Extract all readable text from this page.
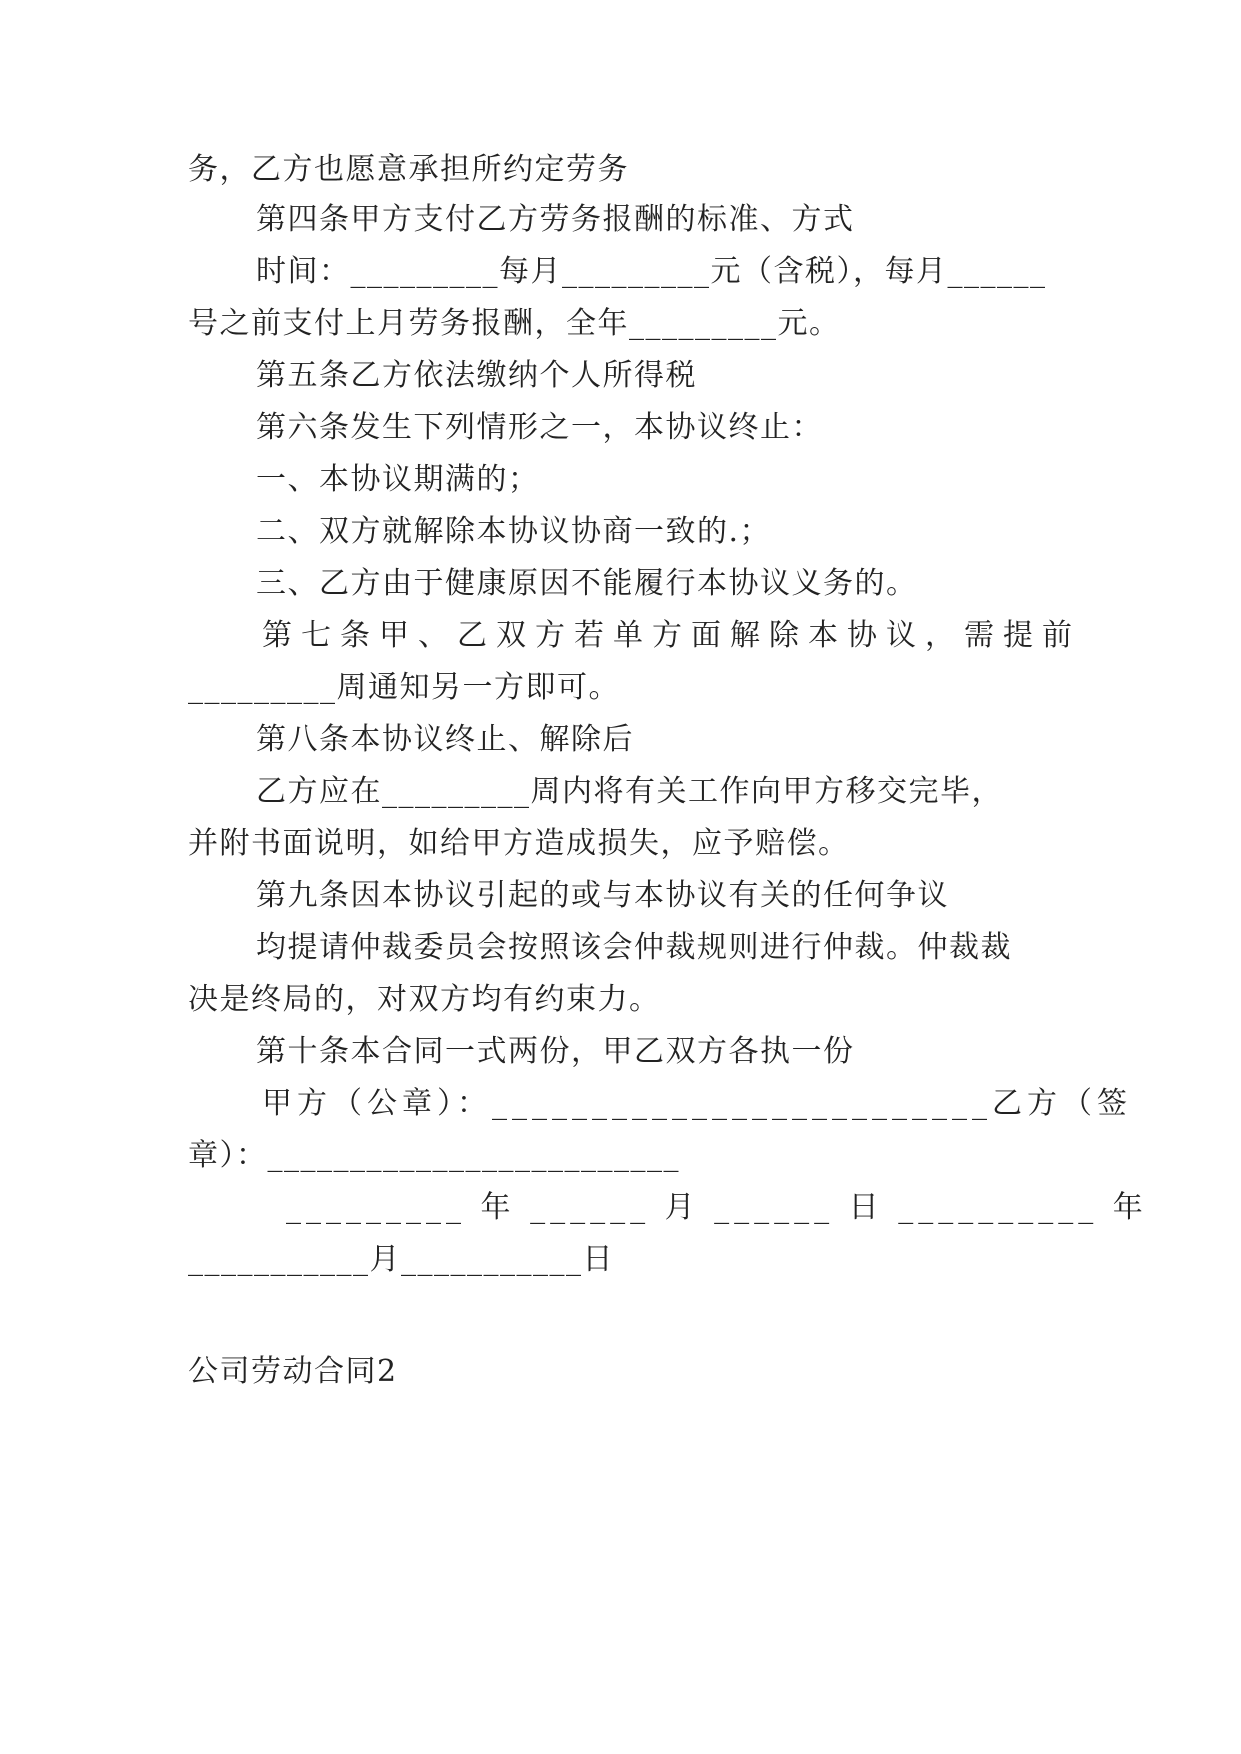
务，乙方也愿意承担所约定劳务
第四条甲方支付乙方劳务报酬的标准、方式
时间：_________每月_________元（含税），每月______
号之前支付上月劳务报酬，全年_________元。
第五条乙方依法缴纳个人所得税
第六条发生下列情形之一，本协议终止：
一、本协议期满的；
二、双方就解除本协议协商一致的.；
三、乙方由于健康原因不能履行本协议义务的。
第七条甲、乙双方若单方面解除本协议，需提前
_________周通知另一方即可。
第八条本协议终止、解除后
乙方应在_________周内将有关工作向甲方移交完毕，
并附书面说明，如给甲方造成损失，应予赔偿。
第九条因本协议引起的或与本协议有关的任何争议
均提请仲裁委员会按照该会仲裁规则进行仲裁。仲裁裁
决是终局的，对双方均有约束力。
第十条本合同一式两份，甲乙双方各执一份
甲方（公章）：_________________________乙方（签
章）：_________________________
_________ 年 ______ 月 ______ 日 __________ 年
___________月___________日
公司劳动合同2
